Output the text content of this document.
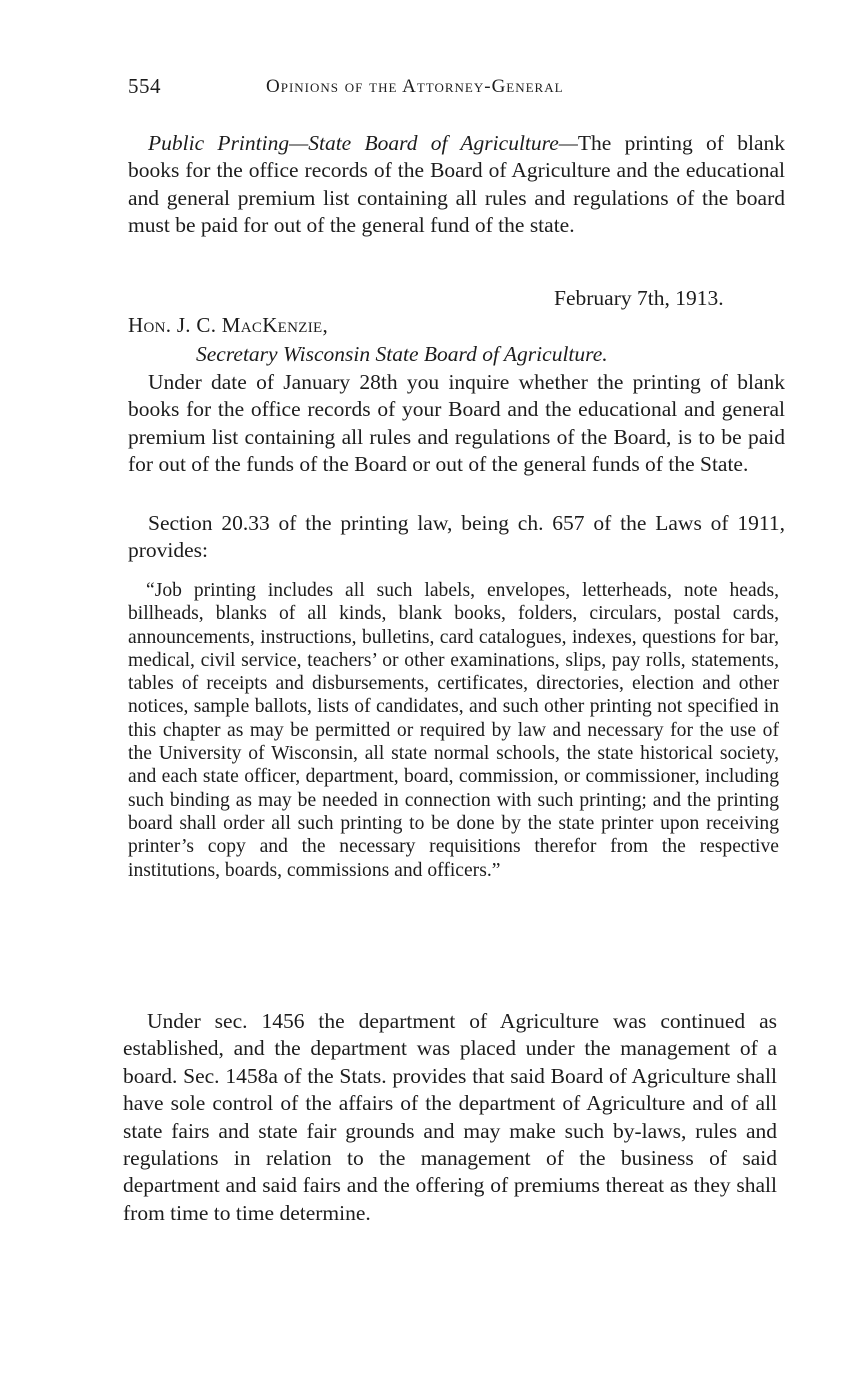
554	Opinions of the Attorney-General

Public Printing—State Board of Agriculture—The printing of blank books for the office records of the Board of Agriculture and the educational and general premium list containing all rules and regulations of the board must be paid for out of the general fund of the state.

February 7th, 1913.
Hon. J. C. MacKenzie,
Secretary Wisconsin State Board of Agriculture.

Under date of January 28th you inquire whether the printing of blank books for the office records of your Board and the educational and general premium list containing all rules and regulations of the Board, is to be paid for out of the funds of the Board or out of the general funds of the State.

Section 20.33 of the printing law, being ch. 657 of the Laws of 1911, provides:

“Job printing includes all such labels, envelopes, letterheads, note heads, billheads, blanks of all kinds, blank books, folders, circulars, postal cards, announcements, instructions, bulletins, card catalogues, indexes, questions for bar, medical, civil service, teachers’ or other examinations, slips, pay rolls, statements, tables of receipts and disbursements, certificates, directories, election and other notices, sample ballots, lists of candidates, and such other printing not specified in this chapter as may be permitted or required by law and necessary for the use of the University of Wisconsin, all state normal schools, the state historical society, and each state officer, department, board, commission, or commissioner, including such binding as may be needed in connection with such printing; and the printing board shall order all such printing to be done by the state printer upon receiving printer’s copy and the necessary requisitions therefor from the respective institutions, boards, commissions and officers.”

Under sec. 1456 the department of Agriculture was continued as established, and the department was placed under the management of a board. Sec. 1458a of the Stats. provides that said Board of Agriculture shall have sole control of the affairs of the department of Agriculture and of all state fairs and state fair grounds and may make such by-laws, rules and regulations in relation to the management of the business of said department and said fairs and the offering of premiums thereat as they shall from time to time determine.
